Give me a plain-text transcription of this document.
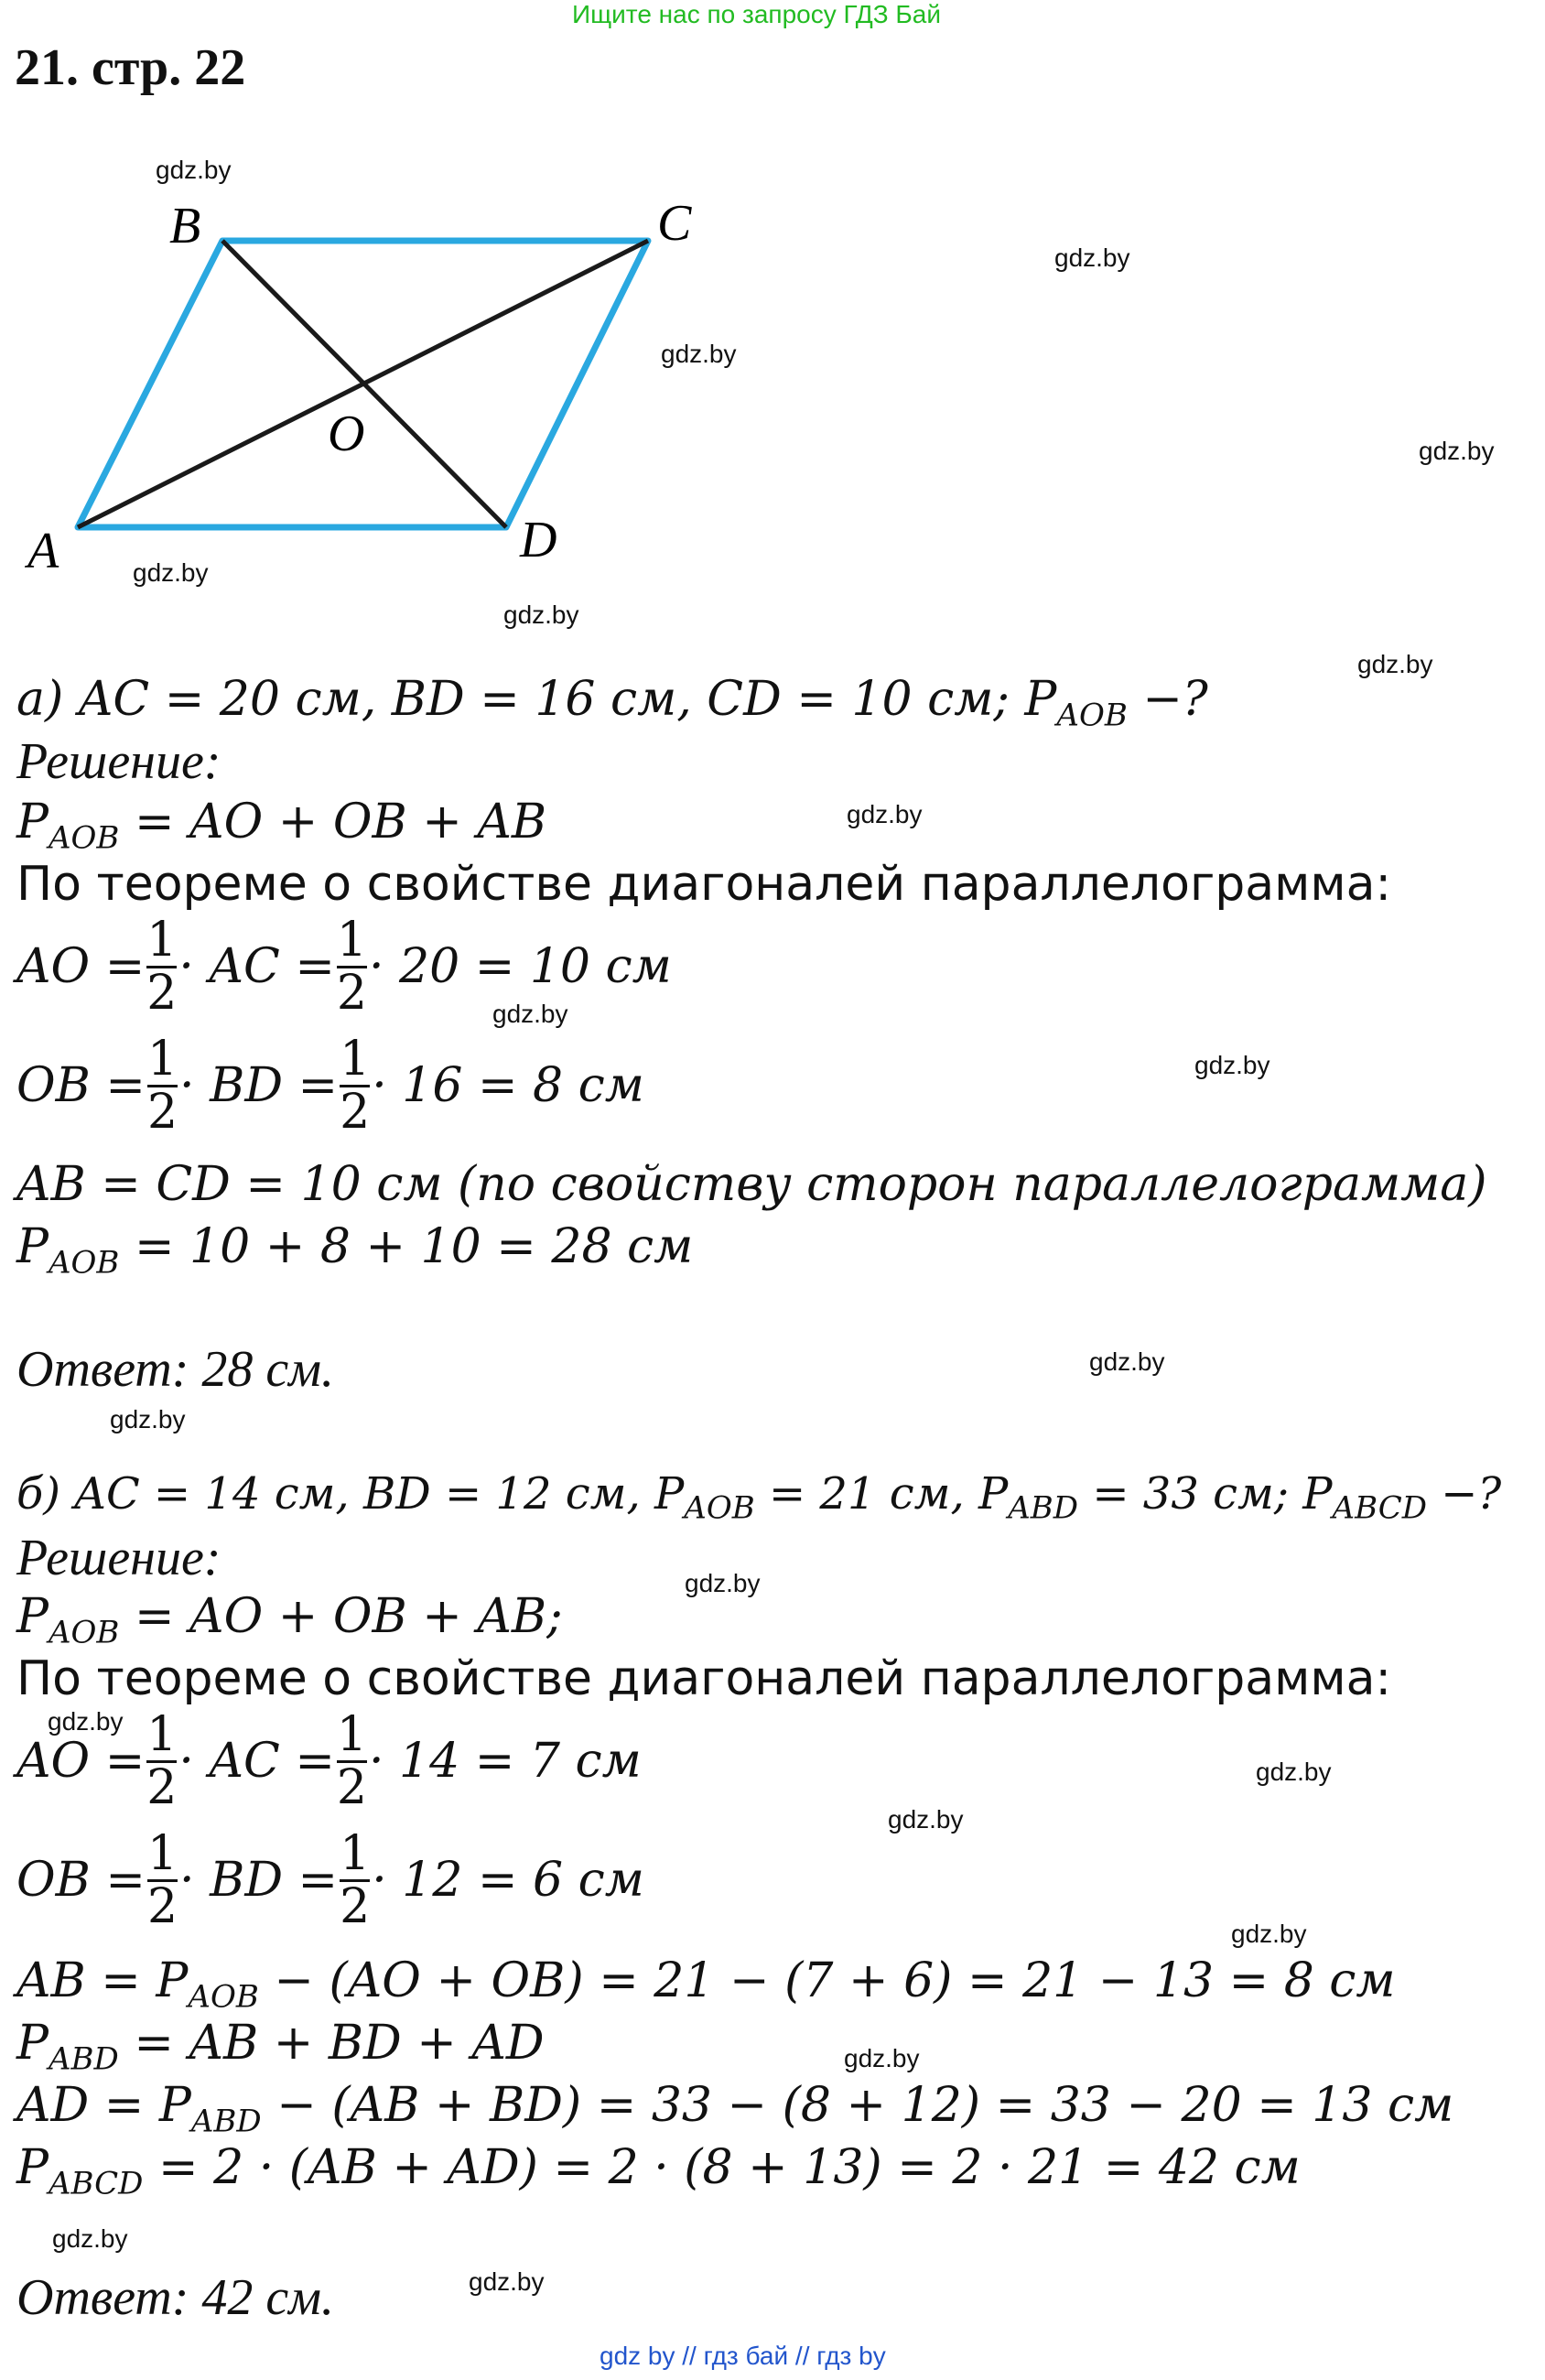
Ищите нас по запросу ГДЗ Бай
21. стр. 22
A
B	C
D
O
gdz.by
gdz.by
gdz.by
gdz.by
gdz.by
gdz.by
gdz.by
gdz.by
gdz.by
gdz.by
gdz.by
gdz.by
gdz.by
gdz.by
gdz.by
gdz.by
gdz.by
gdz.by
gdz.by
gdz.by
а) AC = 20 см, BD = 16 см, CD = 10 см; $P_{AOB}$ −?
Решение:
$P_{AOB}$ = AO + OB + AB
По теореме о свойстве диагоналей параллелограмма:
AO = $\frac{1}{2}$ · AC = $\frac{1}{2} \cdot 20 = 10$ см
OB = $\frac{1}{2}$ · BD = $\frac{1}{2} \cdot 16 = 8$ см
AB = CD = 10 см (по свойству сторон параллелограмма)
$P_{AOB} = 10 + 8 + 10 = 28$ см
Ответ: 28 см.
б) AC = 14 см, BD = 12 см, $P_{AOB} = 21$ см, $P_{ABD} = 33$ см; $P_{ABCD}$ −?
Решение:
$P_{AOB}$ = AO + OB + AB;
По теореме о свойстве диагоналей параллелограмма:
AO = $\frac{1}{2}$ · AC = $\frac{1}{2} \cdot 14 = 7$ см
OB = $\frac{1}{2}$ · BD = $\frac{1}{2} \cdot 12 = 6$ см
AB = $P_{AOB} - (AO + OB) = 21 - (7 + 6) = 21 - 13 = 8$ см
$P_{ABD}$ = AB + BD + AD
AD = $P_{ABD} - (AB + BD) = 33 - (8 + 12) = 33 - 20 = 13$ см
$P_{ABCD} = 2 \cdot (AB + AD) = 2 \cdot (8 + 13) = 2 \cdot 21 = 42$ см
Ответ: 42 см.
gdz by // гдз бай // гдз by
